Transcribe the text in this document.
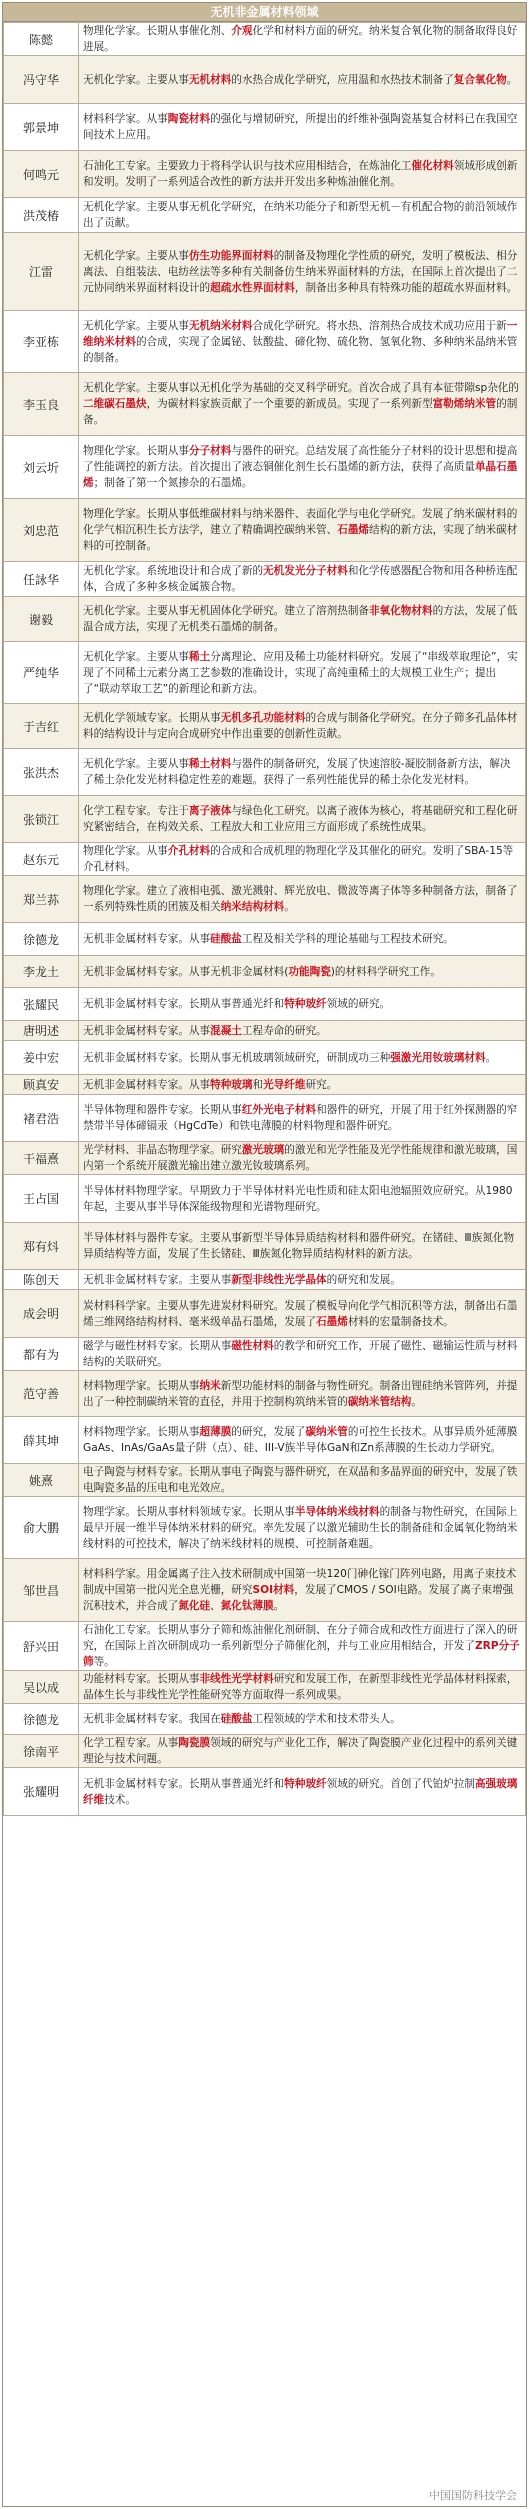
无机非金属材料领域
陈懿	物理化学家。长期从事催化剂、介观化学和材料方面的研究。纳米复合氧化物的制备取得良好进展。
冯守华	无机化学家。主要从事无机材料的水热合成化学研究，应用温和水热技术制备了复合氧化物。
郭景坤	材料科学家。从事陶瓷材料的强化与增韧研究，所提出的纤维补强陶瓷基复合材料已在我国空间技术上应用。
何鸣元	石油化工专家。主要致力于将科学认识与技术应用相结合，在炼油化工催化材料领域形成创新和发明。发明了一系列适合改性的新方法并开发出多种炼油催化剂。
洪茂椿	无机化学家。主要从事无机化学研究，在纳米功能分子和新型无机－有机配合物的前沿领域作出了贡献。
江雷	无机化学家。主要从事仿生功能界面材料的制备及物理化学性质的研究，发明了模板法、相分离法、自组装法、电纺丝法等多种有关制备仿生纳米界面材料的方法，在国际上首次提出了二元协同纳米界面材料设计的超疏水性界面材料，制备出多种具有特殊功能的超疏水界面材料。
李亚栋	无机化学家。主要从事无机纳米材料合成化学研究。将水热、溶剂热合成技术成功应用于新一维纳米材料的合成，实现了金属铋、钛酸盐、碲化物、硫化物、氢氧化物、多种纳米晶纳米管的制备。
李玉良	无机化学家。主要从事以无机化学为基础的交叉科学研究。首次合成了具有本征带隙sp杂化的二维碳石墨炔，为碳材料家族贡献了一个重要的新成员。实现了一系列新型富勒烯纳米管的制备。
刘云圻	物理化学家。长期从事分子材料与器件的研究。总结发展了高性能分子材料的设计思想和提高了性能调控的新方法。首次提出了液态铜催化剂生长石墨烯的新方法，获得了高质量单晶石墨烯；制备了第一个氮掺杂的石墨烯。
刘忠范	物理化学家。长期从事低维碳材料与纳米器件、表面化学与电化学研究。发展了纳米碳材料的化学气相沉积生长方法学，建立了精确调控碳纳米管、石墨烯结构的新方法，实现了纳米碳材料的可控制备。
任詠华	无机化学家。系统地设计和合成了新的无机发光分子材料和化学传感器配合物和用各种桥连配体，合成了多种多核金属簇合物。
谢毅	无机化学家。主要从事无机固体化学研究。建立了溶剂热制备非氧化物材料的方法，发展了低温合成方法，实现了无机类石墨烯的制备。
严纯华	无机化学家。主要从事稀土分离理论、应用及稀土功能材料研究。发展了“串级萃取理论”，实现了不同稀土元素分离工艺参数的准确设计，实现了高纯重稀土的大规模工业生产；提出了“联动萃取工艺”的新理论和新方法。
于吉红	无机化学领域专家。长期从事无机多孔功能材料的合成与制备化学研究。在分子筛多孔晶体材料的结构设计与定向合成研究中作出重要的创新性贡献。
张洪杰	无机化学家。主要从事稀土材料与器件的制备研究，发展了快速溶胶-凝胶制备新方法，解决了稀土杂化发光材料稳定性差的难题。获得了一系列性能优异的稀土杂化发光材料。
张锁江	化学工程专家。专注于离子液体与绿色化工研究。以离子液体为核心，将基础研究和工程化研究紧密结合，在构效关系、工程放大和工业应用三方面形成了系统性成果。
赵东元	物理化学家。从事介孔材料的合成和合成机理的物理化学及其催化的研究。发明了SBA-15等介孔材料。
郑兰荪	物理化学家。建立了液相电弧、激光溅射、辉光放电、微波等离子体等多种制备方法，制备了一系列特殊性质的团簇及相关纳米结构材料。
徐德龙	无机非金属材料专家。从事硅酸盐工程及相关学科的理论基础与工程技术研究。
李龙土	无机非金属材料专家。从事无机非金属材料(功能陶瓷)的材料科学研究工作。
张耀民	无机非金属材料专家。长期从事普通光纤和特种玻纤领域的研究。
唐明述	无机非金属材料专家。从事混凝土工程寿命的研究。
姜中宏	无机非金属材料专家。长期从事无机玻璃领域研究，研制成功三种强激光用钕玻璃材料。
顾真安	无机非金属材料专家。从事特种玻璃和光导纤维研究。
褚君浩	半导体物理和器件专家。长期从事红外光电子材料和器件的研究，开展了用于红外探测器的窄禁带半导体碲镉汞（HgCdTe）和铁电薄膜的材料物理和器件研究。
干福熹	光学材料、非晶态物理学家。研究激光玻璃的激光和光学性能及光学性能规律和激光玻璃，国内第一个系统开展激光输出建立激光钕玻璃系列。
王占国	半导体材料物理学家。早期致力于半导体材料光电性质和硅太阳电池辐照效应研究。从1980年起，主要从事半导体深能级物理和光谱物理研究。
郑有炓	半导体材料与器件专家。主要从事新型半导体异质结构材料和器件研究。在锗硅、Ⅲ族氮化物异质结构等方面，发展了生长锗硅、Ⅲ族氮化物异质结构材料的新方法。
陈创天	无机非金属材料专家。主要从事新型非线性光学晶体的研究和发展。
成会明	炭材料科学家。主要从事先进炭材料研究。发展了模板导向化学气相沉积等方法，制备出石墨烯三维网络结构材料、毫米级单晶石墨烯，发展了石墨烯材料的宏量制备技术。
都有为	磁学与磁性材料专家。长期从事磁性材料的教学和研究工作，开展了磁性、磁输运性质与材料结构的关联研究。
范守善	材料物理学家。长期从事纳米新型功能材料的制备与物性研究。制备出锂硅纳米管阵列，并提出了一种控制碳纳米管的直径，并用于控制构筑纳米管的碳纳米管结构。
薛其坤	材料物理学家。长期从事超薄膜的研究，发展了碳纳米管的可控生长技术。从事异质外延薄膜GaAs、InAs/GaAs量子阱（点）、硅、III-V族半导体GaN和Zn系薄膜的生长动力学研究。
姚熹	电子陶瓷与材料专家。长期从事电子陶瓷与器件研究，在双晶和多晶界面的研究中，发展了铁电陶瓷多晶的压电和电光效应。
俞大鹏	物理学家。长期从事材料领域专家。长期从事半导体纳米线材料的制备与物性研究，在国际上最早开展一维半导体纳米材料的研究。率先发展了以激光辅助生长的制备硅和金属氧化物纳米线材料的可控技术，解决了纳米线材料的规模、可控制备难题。
邹世昌	材料科学家。用金属离子注入技术研制成中国第一块120门砷化镓门阵列电路，用离子束技术制成中国第一批闪光全息光栅，研究SOI材料，发展了CMOS / SOI电路。发展了离子束增强沉积技术，并合成了氮化硅、氮化钛薄膜。
舒兴田	石油化工专家。长期从事分子筛和炼油催化剂研制、在分子筛合成和改性方面进行了深入的研究，在国际上首次研制成功一系列新型分子筛催化剂，并与工业应用相结合，开发了ZRP分子筛等。
吴以成	功能材料专家。长期从事非线性光学材料研究和发展工作，在新型非线性光学晶体材料探索，晶体生长与非线性光学性能研究等方面取得一系列成果。
徐德龙	无机非金属材料专家。我国在硅酸盐工程领域的学术和技术带头人。
徐南平	化学工程专家。从事陶瓷膜领域的研究与产业化工作，解决了陶瓷膜产业化过程中的系列关键理论与技术问题。
张耀明	无机非金属材料专家。长期从事普通光纤和特种玻纤领域的研究。首创了代铂炉拉制高强玻璃纤维技术。
中国国防科技学会
